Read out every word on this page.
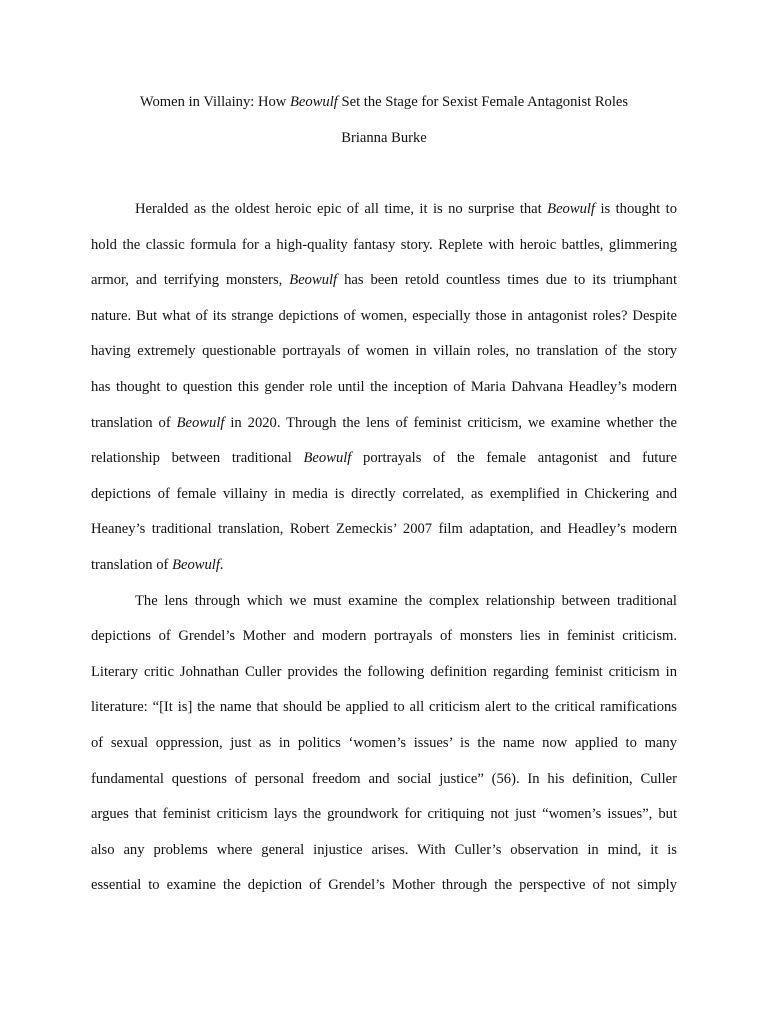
Women in Villainy: How Beowulf Set the Stage for Sexist Female Antagonist Roles
Brianna Burke
Heralded as the oldest heroic epic of all time, it is no surprise that Beowulf is thought to
hold the classic formula for a high-quality fantasy story. Replete with heroic battles, glimmering
armor, and terrifying monsters, Beowulf has been retold countless times due to its triumphant
nature. But what of its strange depictions of women, especially those in antagonist roles? Despite
having extremely questionable portrayals of women in villain roles, no translation of the story
has thought to question this gender role until the inception of Maria Dahvana Headley’s modern
translation of Beowulf in 2020. Through the lens of feminist criticism, we examine whether the
relationship between traditional Beowulf portrayals of the female antagonist and future
depictions of female villainy in media is directly correlated, as exemplified in Chickering and
Heaney’s traditional translation, Robert Zemeckis’ 2007 film adaptation, and Headley’s modern
translation of Beowulf.
The lens through which we must examine the complex relationship between traditional
depictions of Grendel’s Mother and modern portrayals of monsters lies in feminist criticism.
Literary critic Johnathan Culler provides the following definition regarding feminist criticism in
literature: “[It is] the name that should be applied to all criticism alert to the critical ramifications
of sexual oppression, just as in politics ‘women’s issues’ is the name now applied to many
fundamental questions of personal freedom and social justice” (56). In his definition, Culler
argues that feminist criticism lays the groundwork for critiquing not just “women’s issues”, but
also any problems where general injustice arises. With Culler’s observation in mind, it is
essential to examine the depiction of Grendel’s Mother through the perspective of not simply
